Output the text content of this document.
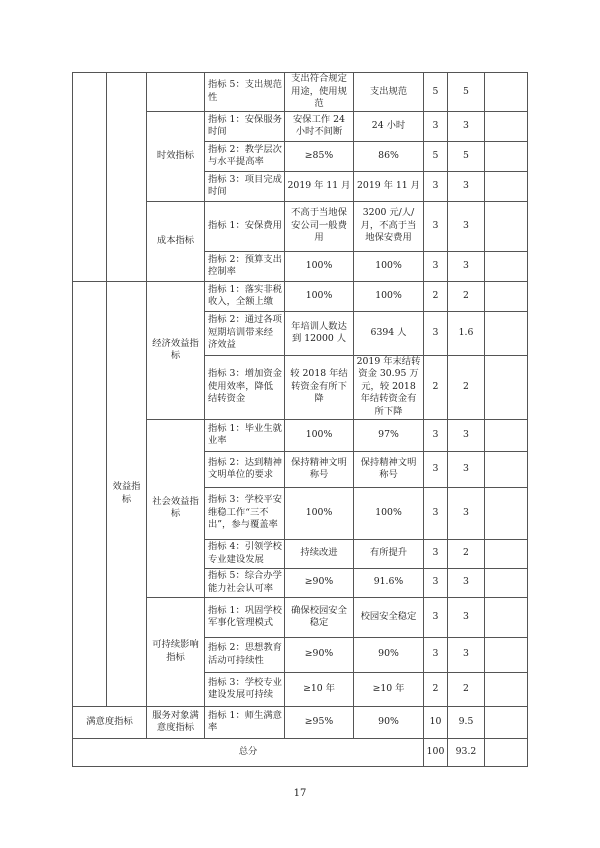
			指标 5：支出规范性	支出符合规定用途，使用规范	支出规范	5	5	
		时效指标	指标 1：安保服务时间	安保工作 24 小时不间断	24 小时	3	3	
			指标 2：教学层次与水平提高率	≥85%	86%	5	5	
			指标 3：项目完成时间	2019 年 11 月	2019 年 11 月	3	3	
		成本指标	指标 1：安保费用	不高于当地保安公司一般费用	3200 元/人/月，不高于当地保安费用	3	3	
			指标 2：预算支出控制率	100%	100%	3	3	
	效益指标	经济效益指标	指标 1：落实非税收入，全额上缴	100%	100%	2	2	
			指标 2：通过各项短期培训带来经济效益	年培训人数达到 12000 人	6394 人	3	1.6	
			指标 3：增加资金使用效率，降低结转资金	较 2018 年结转资金有所下降	2019 年末结转资金 30.95 万元，较 2018 年结转资金有所下降	2	2	
		社会效益指标	指标 1：毕业生就业率	100%	97%	3	3	
			指标 2：达到精神文明单位的要求	保持精神文明称号	保持精神文明称号	3	3	
			指标 3：学校平安维稳工作“三不出”，参与覆盖率	100%	100%	3	3	
			指标 4：引领学校专业建设发展	持续改进	有所提升	3	2	
			指标 5：综合办学能力社会认可率	≥90%	91.6%	3	3	
		可持续影响指标	指标 1：巩固学校军事化管理模式	确保校园安全稳定	校园安全稳定	3	3	
			指标 2：思想教育活动可持续性	≥90%	90%	3	3	
			指标 3：学校专业建设发展可持续	≥10 年	≥10 年	2	2	
满意度指标		服务对象满意度指标	指标 1：师生满意率	≥95%	90%	10	9.5	
总分						100	93.2	
17
